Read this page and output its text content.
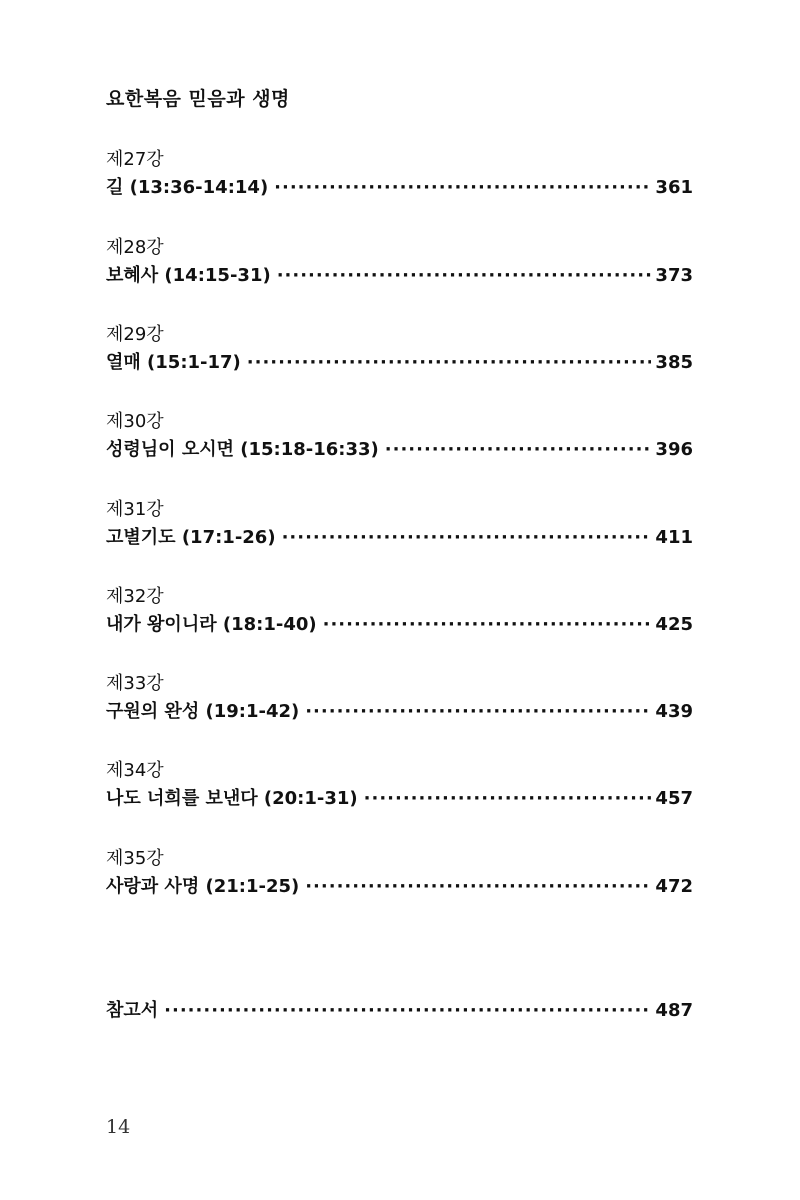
요한복음 믿음과 생명
제27강
길 (13:36-14:14) ·····	361
제28강
보혜사 (14:15-31) ·····	373
제29강
열매 (15:1-17) ·····	385
제30강
성령님이 오시면 (15:18-16:33) ·····	396
제31강
고별기도 (17:1-26) ·····	411
제32강
내가 왕이니라 (18:1-40) ·····	425
제33강
구원의 완성 (19:1-42) ·····	439
제34강
나도 너희를 보낸다 (20:1-31) ·····	457
제35강
사랑과 사명 (21:1-25) ·····	472
참고서 ·····	487
14
